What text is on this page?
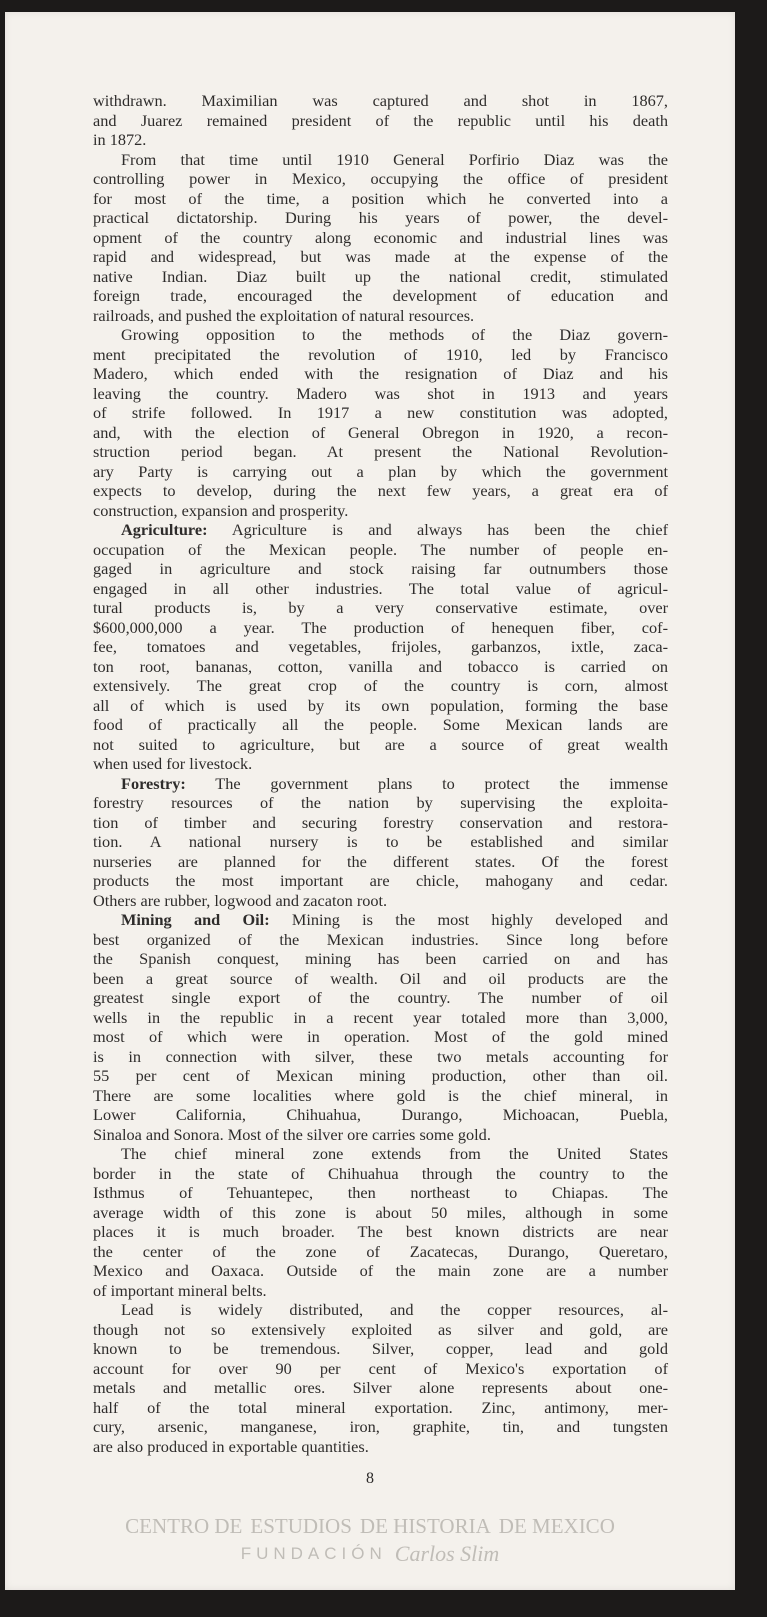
withdrawn. Maximilian was captured and shot in 1867,
and Juarez remained president of the republic until his death
in 1872.
From that time until 1910 General Porfirio Diaz was the
controlling power in Mexico, occupying the office of president
for most of the time, a position which he converted into a
practical dictatorship. During his years of power, the devel-
opment of the country along economic and industrial lines was
rapid and widespread, but was made at the expense of the
native Indian. Diaz built up the national credit, stimulated
foreign trade, encouraged the development of education and
railroads, and pushed the exploitation of natural resources.
Growing opposition to the methods of the Diaz govern-
ment precipitated the revolution of 1910, led by Francisco
Madero, which ended with the resignation of Diaz and his
leaving the country. Madero was shot in 1913 and years
of strife followed. In 1917 a new constitution was adopted,
and, with the election of General Obregon in 1920, a recon-
struction period began. At present the National Revolution-
ary Party is carrying out a plan by which the government
expects to develop, during the next few years, a great era of
construction, expansion and prosperity.
Agriculture: Agriculture is and always has been the chief
occupation of the Mexican people. The number of people en-
gaged in agriculture and stock raising far outnumbers those
engaged in all other industries. The total value of agricul-
tural products is, by a very conservative estimate, over
$600,000,000 a year. The production of henequen fiber, cof-
fee, tomatoes and vegetables, frijoles, garbanzos, ixtle, zaca-
ton root, bananas, cotton, vanilla and tobacco is carried on
extensively. The great crop of the country is corn, almost
all of which is used by its own population, forming the base
food of practically all the people. Some Mexican lands are
not suited to agriculture, but are a source of great wealth
when used for livestock.
Forestry: The government plans to protect the immense
forestry resources of the nation by supervising the exploita-
tion of timber and securing forestry conservation and restora-
tion. A national nursery is to be established and similar
nurseries are planned for the different states. Of the forest
products the most important are chicle, mahogany and cedar.
Others are rubber, logwood and zacaton root.
Mining and Oil: Mining is the most highly developed and
best organized of the Mexican industries. Since long before
the Spanish conquest, mining has been carried on and has
been a great source of wealth. Oil and oil products are the
greatest single export of the country. The number of oil
wells in the republic in a recent year totaled more than 3,000,
most of which were in operation. Most of the gold mined
is in connection with silver, these two metals accounting for
55 per cent of Mexican mining production, other than oil.
There are some localities where gold is the chief mineral, in
Lower California, Chihuahua, Durango, Michoacan, Puebla,
Sinaloa and Sonora. Most of the silver ore carries some gold.
The chief mineral zone extends from the United States
border in the state of Chihuahua through the country to the
Isthmus of Tehuantepec, then northeast to Chiapas. The
average width of this zone is about 50 miles, although in some
places it is much broader. The best known districts are near
the center of the zone of Zacatecas, Durango, Queretaro,
Mexico and Oaxaca. Outside of the main zone are a number
of important mineral belts.
Lead is widely distributed, and the copper resources, al-
though not so extensively exploited as silver and gold, are
known to be tremendous. Silver, copper, lead and gold
account for over 90 per cent of Mexico's exportation of
metals and metallic ores. Silver alone represents about one-
half of the total mineral exportation. Zinc, antimony, mer-
cury, arsenic, manganese, iron, graphite, tin, and tungsten
are also produced in exportable quantities.
8
CENTRO DE ESTUDIOS DE HISTORIA DE MEXICO
FUNDACIÓN Carlos Slim
